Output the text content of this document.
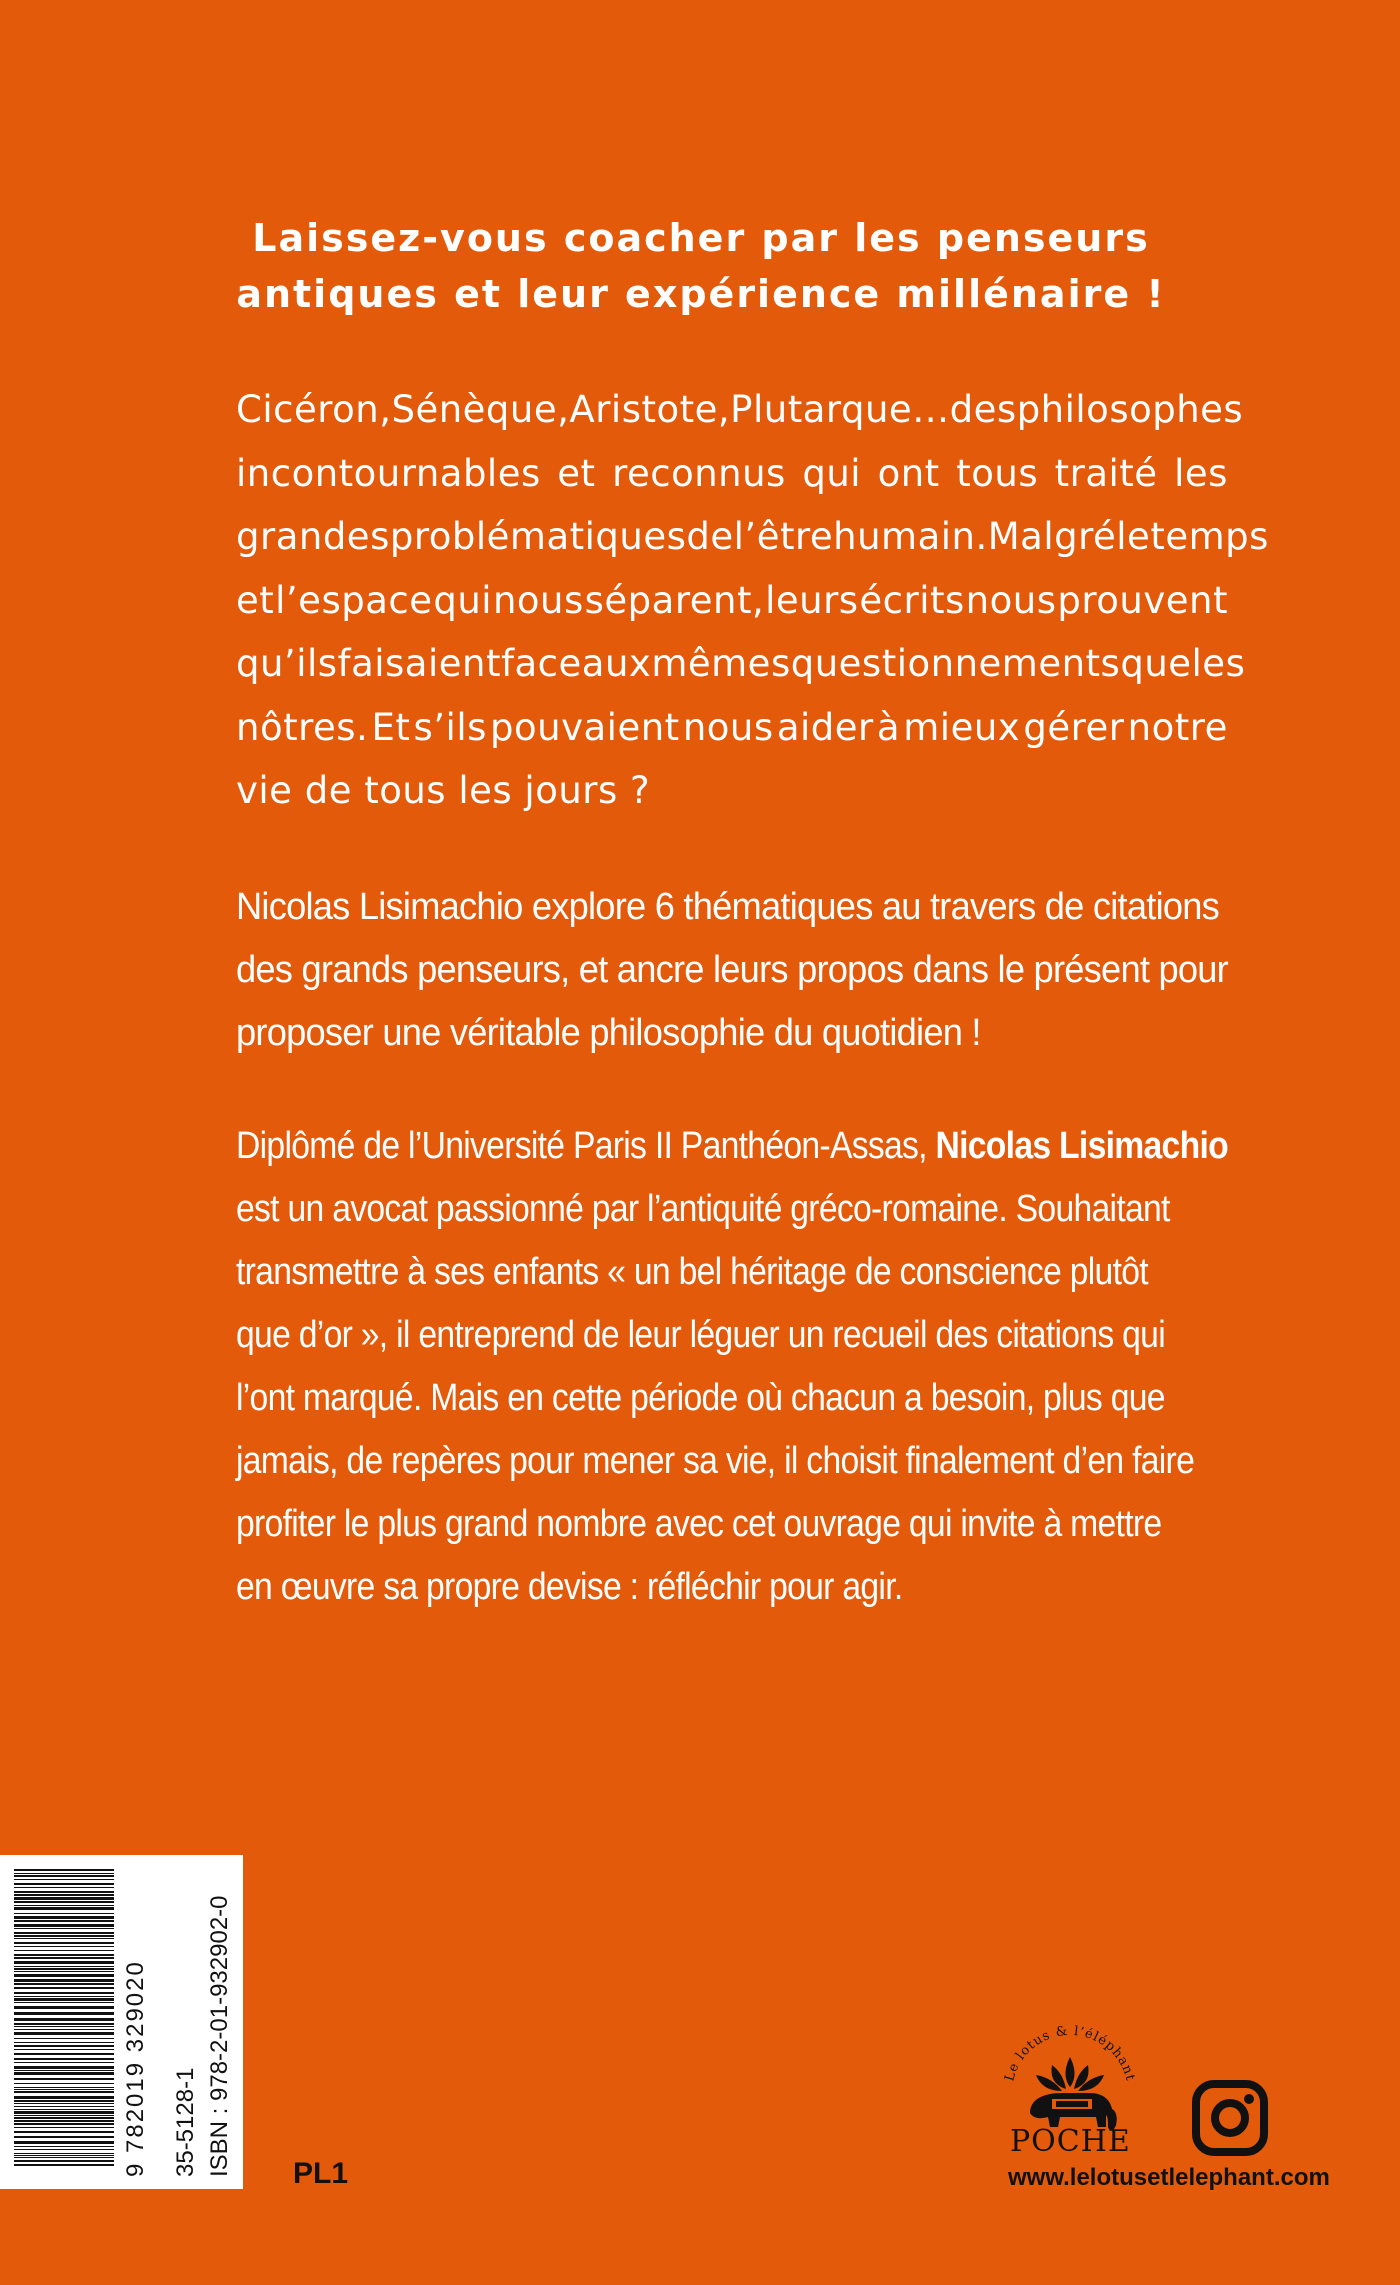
Laissez-vous coacher par les penseurs
antiques et leur expérience millénaire !
Cicéron, Sénèque, Aristote, Plutarque… des philosophes
incontournables et reconnus qui ont tous traité les
grandes problématiques de l’être humain. Malgré le temps
et l’espace qui nous séparent, leurs écrits nous prouvent
qu’ils faisaient face aux mêmes questionnements que les
nôtres. Et s’ils pouvaient nous aider à mieux gérer notre
vie de tous les jours ?
Nicolas Lisimachio explore 6 thématiques au travers de citations
des grands penseurs, et ancre leurs propos dans le présent pour
proposer une véritable philosophie du quotidien !
Diplômé de l’Université Paris II Panthéon-Assas, Nicolas Lisimachio
est un avocat passionné par l’antiquité gréco-romaine. Souhaitant
transmettre à ses enfants « un bel héritage de conscience plutôt
que d’or », il entreprend de leur léguer un recueil des citations qui
l’ont marqué. Mais en cette période où chacun a besoin, plus que
jamais, de repères pour mener sa vie, il choisit finalement d’en faire
profiter le plus grand nombre avec cet ouvrage qui invite à mettre
en œuvre sa propre devise : réfléchir pour agir.
9 782019 329020 35-5128-1 ISBN : 978-2-01-932902-0 PL1
Le lotus & l’éléphant
POCHE
www.lelotusetlelephant.com
